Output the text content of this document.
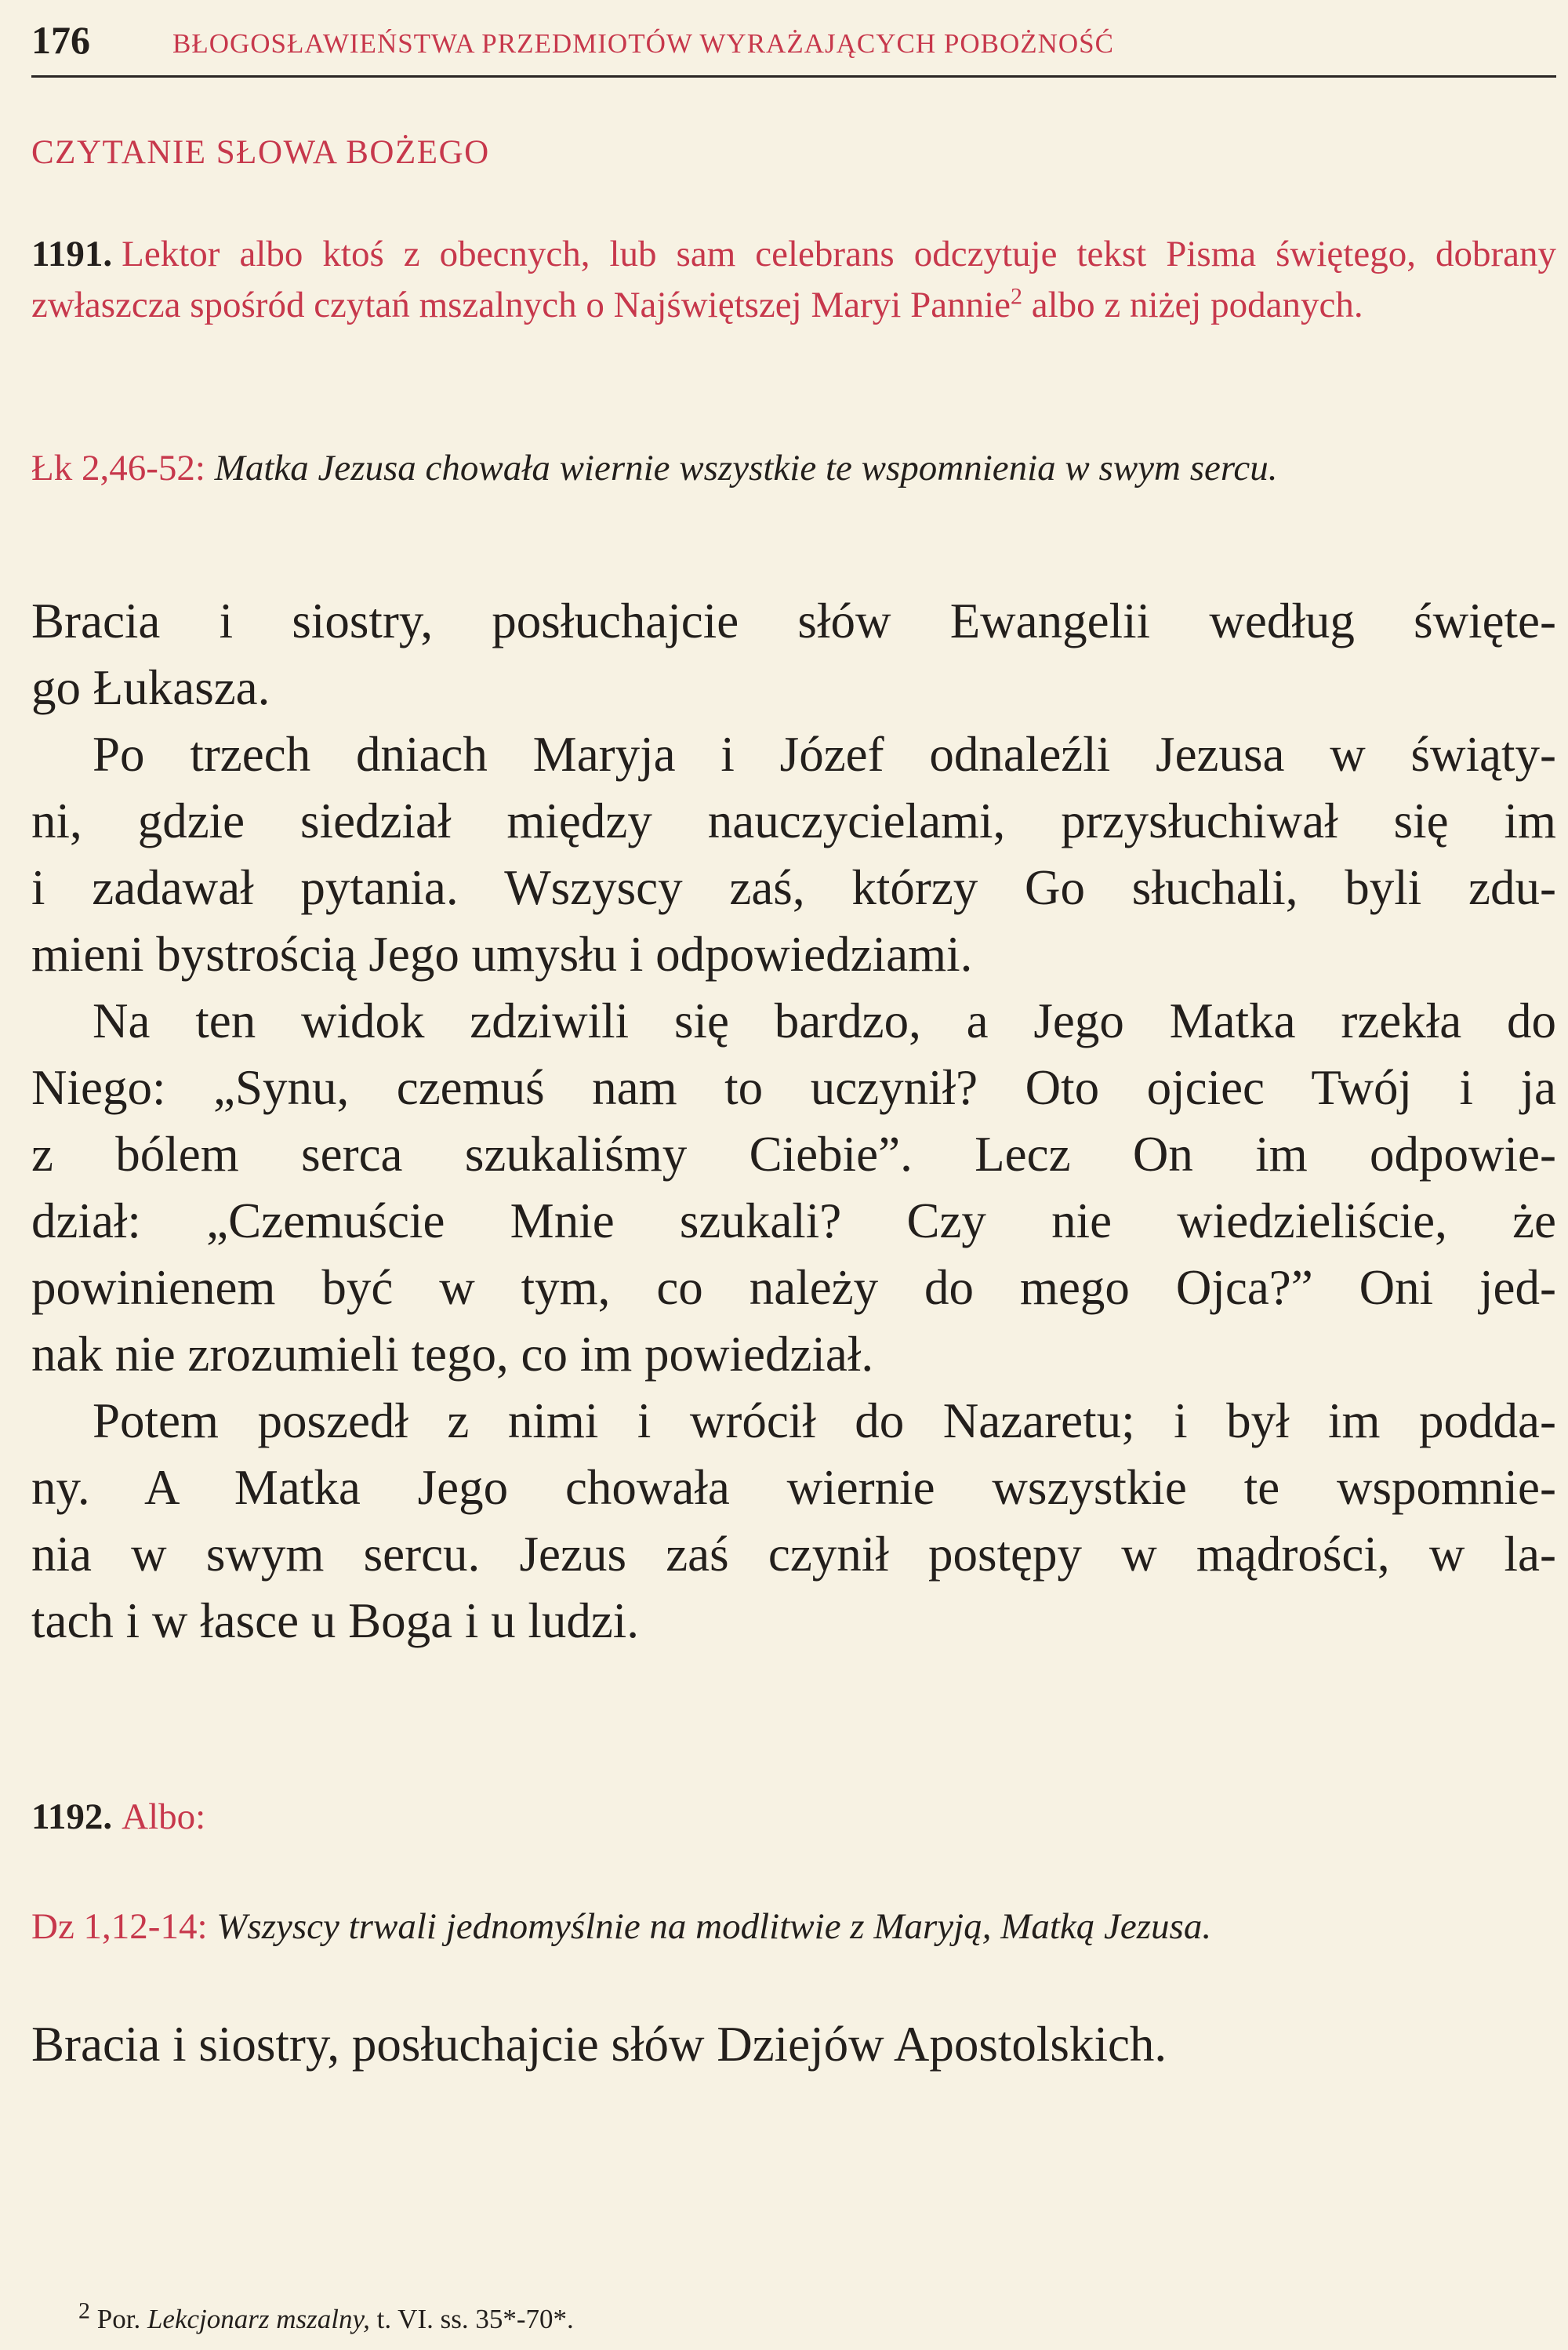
176	BŁOGOSŁAWIEŃSTWA PRZEDMIOTÓW WYRAŻAJĄCYCH POBOŻNOŚĆ
CZYTANIE SŁOWA BOŻEGO
1191. Lektor albo ktoś z obecnych, lub sam celebrans odczytuje tekst Pisma świętego, dobrany zwłaszcza spośród czytań mszalnych o Najświętszej Maryi Pannie$^2$ albo z niżej podanych.
Łk 2,46-52: Matka Jezusa chowała wiernie wszystkie te wspomnienia w swym sercu.
Bracia i siostry, posłuchajcie słów Ewangelii według święte-
go Łukasza.
Po trzech dniach Maryja i Józef odnaleźli Jezusa w świąty-
ni, gdzie siedział między nauczycielami, przysłuchiwał się im
i zadawał pytania. Wszyscy zaś, którzy Go słuchali, byli zdu-
mieni bystrością Jego umysłu i odpowiedziami.
Na ten widok zdziwili się bardzo, a Jego Matka rzekła do
Niego: „Synu, czemuś nam to uczynił? Oto ojciec Twój i ja
z bólem serca szukaliśmy Ciebie”. Lecz On im odpowie-
dział: „Czemuście Mnie szukali? Czy nie wiedzieliście, że
powinienem być w tym, co należy do mego Ojca?” Oni jed-
nak nie zrozumieli tego, co im powiedział.
Potem poszedł z nimi i wrócił do Nazaretu; i był im podda-
ny. A Matka Jego chowała wiernie wszystkie te wspomnie-
nia w swym sercu. Jezus zaś czynił postępy w mądrości, w la-
tach i w łasce u Boga i u ludzi.
1192. Albo:
Dz 1,12-14: Wszyscy trwali jednomyślnie na modlitwie z Maryją, Matką Jezusa.
Bracia i siostry, posłuchajcie słów Dziejów Apostolskich.
$^2$ Por. Lekcjonarz mszalny, t. VI. ss. 35*-70*.
